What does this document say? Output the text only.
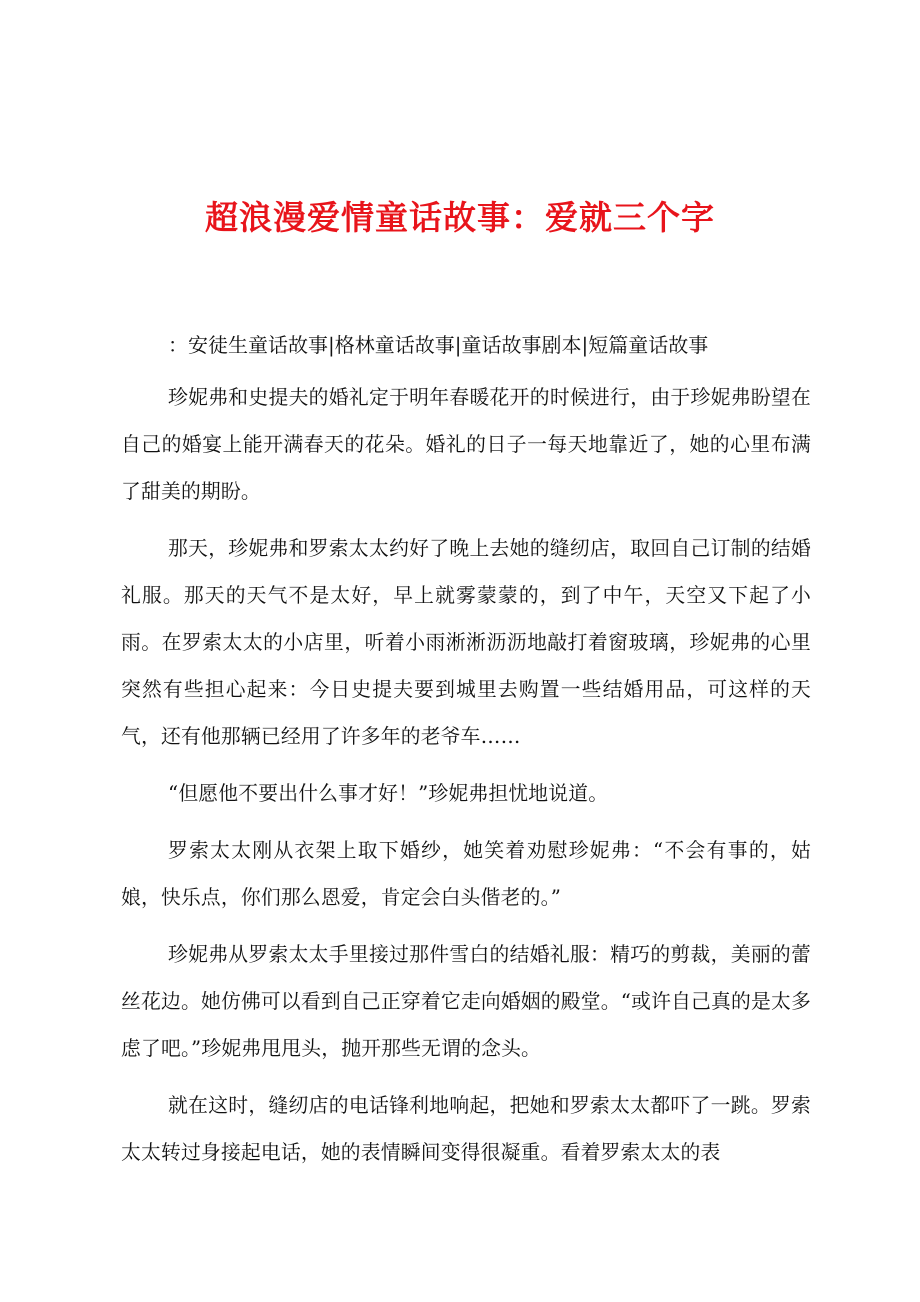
超浪漫爱情童话故事：爱就三个字
：安徒生童话故事|格林童话故事|童话故事剧本|短篇童话故事

珍妮弗和史提夫的婚礼定于明年春暖花开的时候进行，由于珍妮弗盼望在自己的婚宴上能开满春天的花朵。婚礼的日子一每天地靠近了，她的心里布满了甜美的期盼。

那天，珍妮弗和罗索太太约好了晚上去她的缝纫店，取回自己订制的结婚礼服。那天的天气不是太好，早上就雾蒙蒙的，到了中午，天空又下起了小雨。在罗索太太的小店里，听着小雨淅淅沥沥地敲打着窗玻璃，珍妮弗的心里突然有些担心起来：今日史提夫要到城里去购置一些结婚用品，可这样的天气，还有他那辆已经用了许多年的老爷车……

“但愿他不要出什么事才好！”珍妮弗担忧地说道。

罗索太太刚从衣架上取下婚纱，她笑着劝慰珍妮弗：“不会有事的，姑娘，快乐点，你们那么恩爱，肯定会白头偕老的。”

珍妮弗从罗索太太手里接过那件雪白的结婚礼服：精巧的剪裁，美丽的蕾丝花边。她仿佛可以看到自己正穿着它走向婚姻的殿堂。“或许自己真的是太多虑了吧。”珍妮弗甩甩头，抛开那些无谓的念头。

就在这时，缝纫店的电话锋利地响起，把她和罗索太太都吓了一跳。罗索太太转过身接起电话，她的表情瞬间变得很凝重。看着罗索太太的表
